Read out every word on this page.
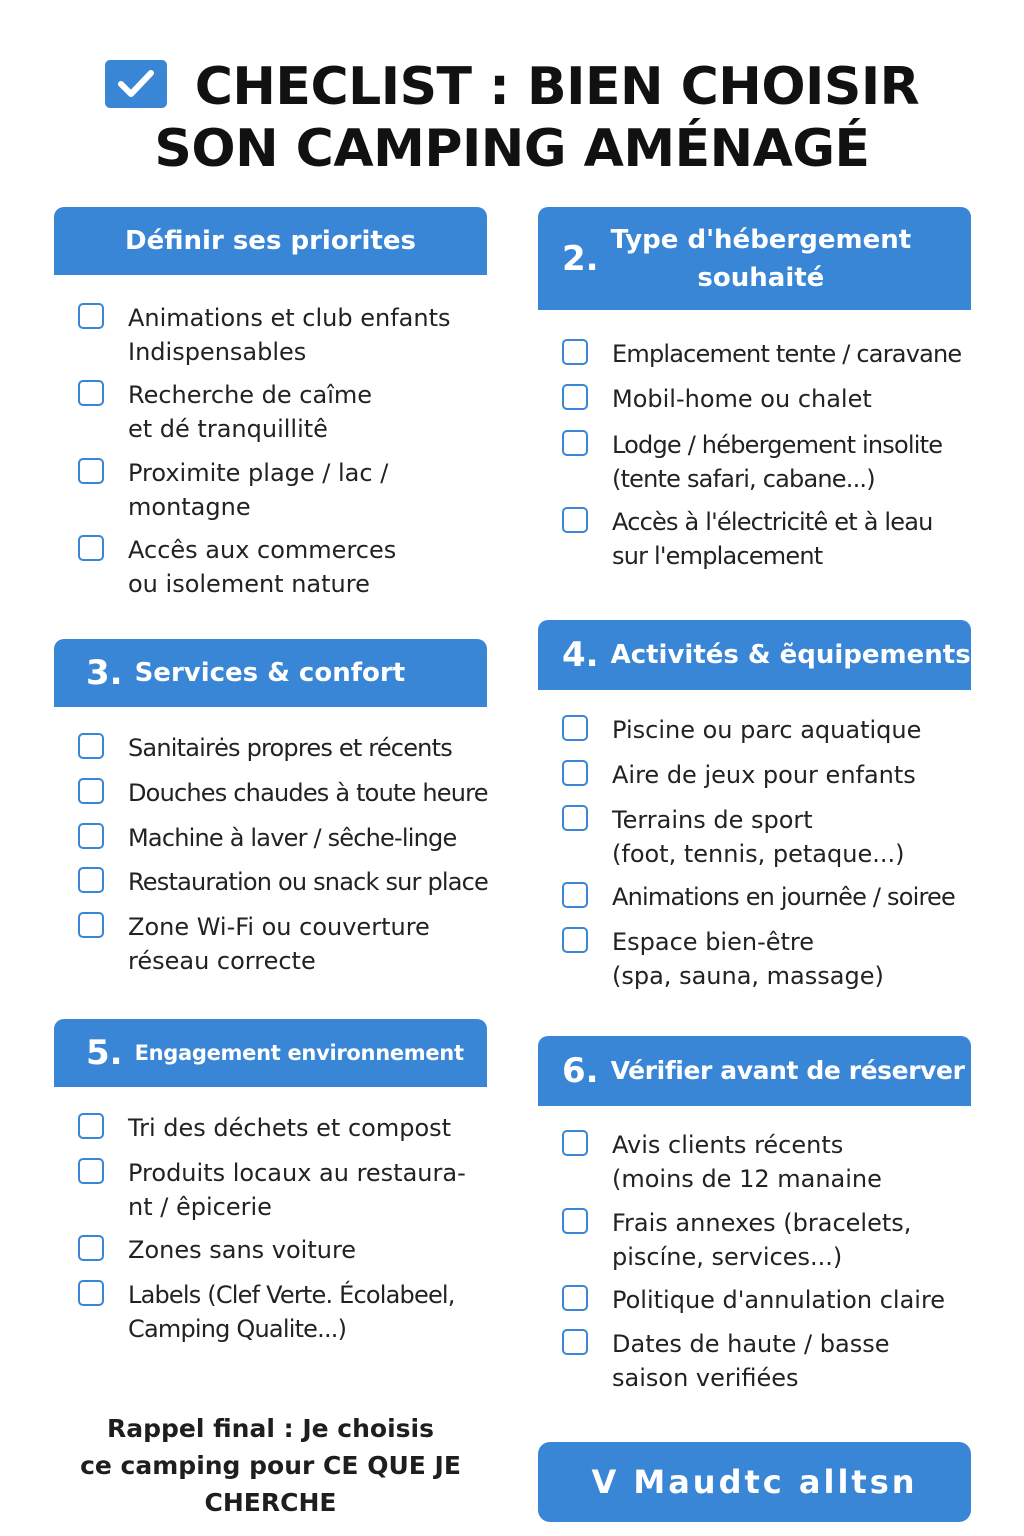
CHECLIST : BIEN CHOISIR
SON CAMPING AMÉNAGÉ
Définir ses priorites
Animations et club enfants
Indispensables
Recherche de caîme
et dé tranquillitê
Proximite plage / lac /
montagne
Accês aux commerces
ou isolement nature
2. Type d'hébergement
souhaité
Emplacement tente / caravane
Mobil-home ou chalet
Lodge / hébergement insolite
(tente safari, cabane...)
Accès à l'électricitê et à leau
sur l'emplacement
3. Services & confort
Sanitairės propres et récents
Douches chaudes à toute heure
Machine à laver / sêche-linge
Restauration ou snack sur place
Zone Wi-Fi ou couverture
réseau correcte
4. Activités & ẽquipements
Piscine ou parc aquatique
Aire de jeux pour enfants
Terrains de sport
(foot, tennis, petaque...)
Animations en journêe / soiree
Espace bien-être
(spa, sauna, massage)
5. Engagement environnement
Tri des déchets et compost
Produits locaux au restaura-
nt / êpicerie
Zones sans voiture
Labels (Clef Verte. Écolabeel,
Camping Qualite...)
6. Vérifier avant de réserver
Avis clients récents
(moins de 12 manaine
Frais annexes (bracelets,
piscíne, services...)
Politique d'annulation claire
Dates de haute / basse
saison verifiées
Rappel final : Je choisis
ce camping pour CE QUE JE
CHERCHE
V Maudtc alltsn
